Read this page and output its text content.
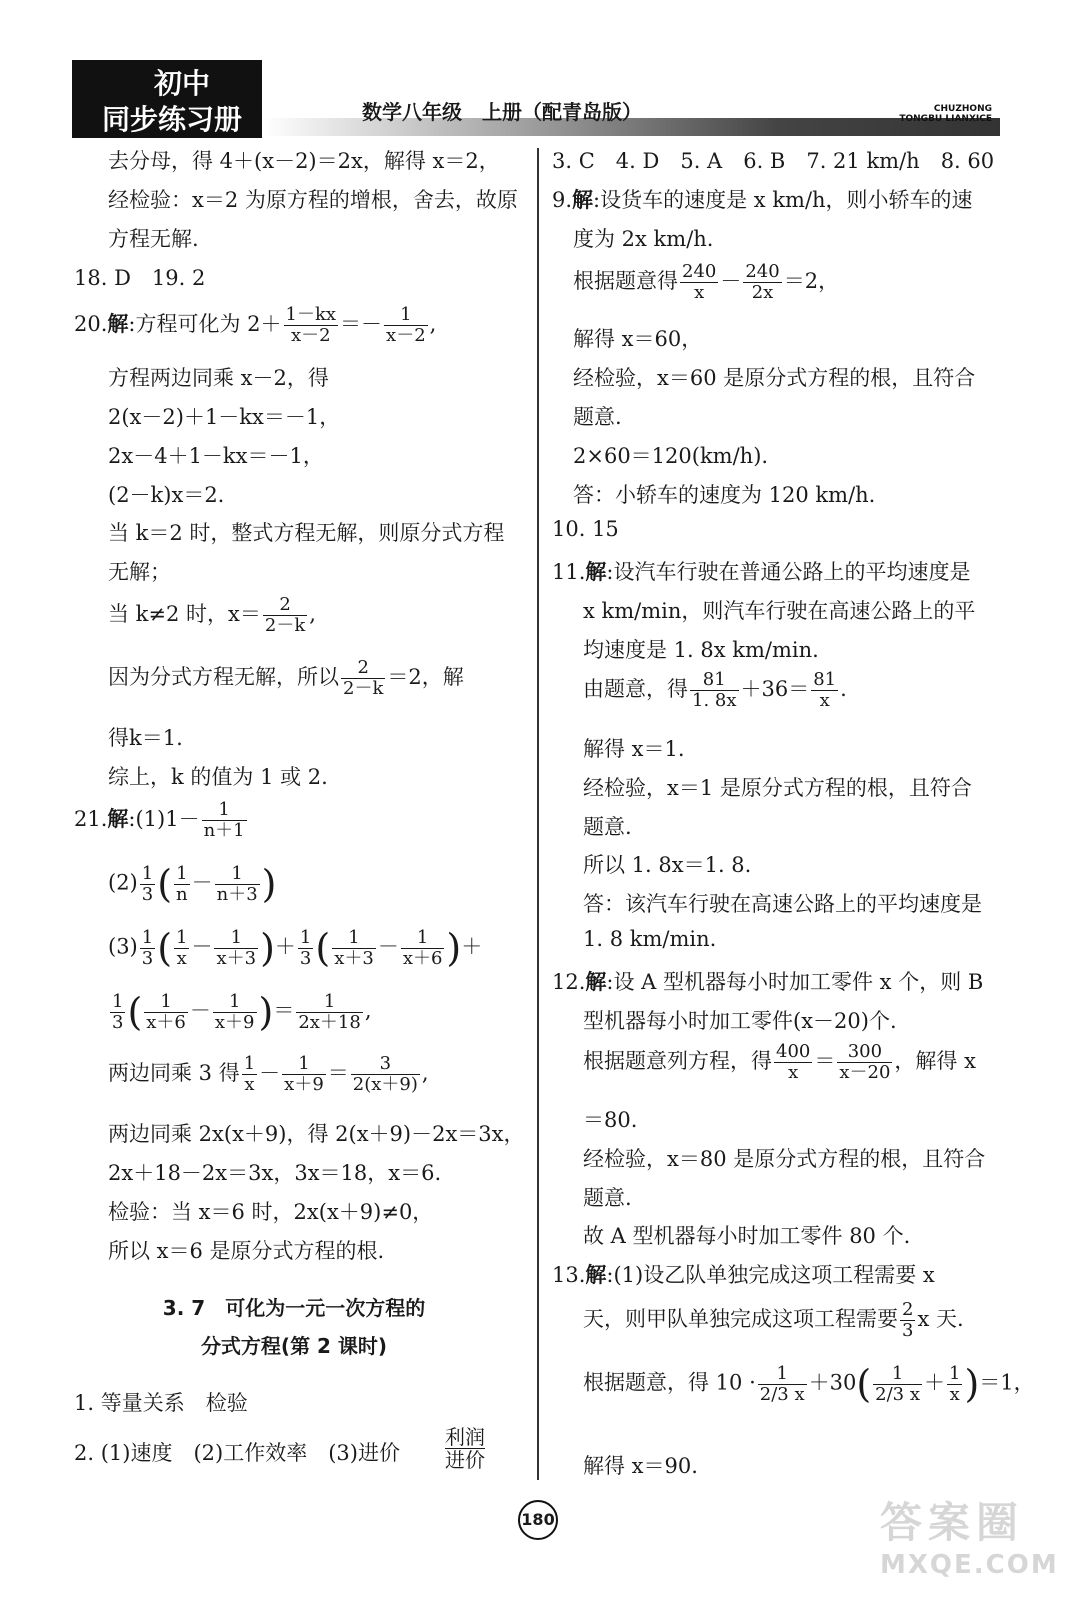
初中
同步练习册	数学八年级　上册（配青岛版）	CHUZHONG
TONGBU LIANXICE
去分母，得 4＋(x－2)＝2x，解得 x＝2，
经检验：x＝2 为原方程的增根，舍去，故原
方程无解.
18. D　19. 2
20.解:方程可化为 $2+ \frac{1-kx}{x-2} =- \frac{1}{x-2}$ ,
方程两边同乘 x－2，得
2(x－2)＋1－kx＝－1，
2x－4＋1－kx＝－1，
(2－k)x＝2.
当 k＝2 时，整式方程无解，则原分式方程
无解；
当 k≠2 时，$x= \frac{2}{2-k}$ ,
因为分式方程无解，所以 $\frac{2}{2-k} =2$，解
得k＝1.
综上，k 的值为 1 或 2.
21.解:(1)1－ $\frac{1}{n+1}$
$(2) \frac{1}{3}$ ( $\frac{1}{n} - \frac{1}{n+3}$ )
$(3) \frac{1}{3}$ ( $\frac{1}{x} - \frac{1}{x+3}$ )＋ $\frac{1}{3}$ ( $\frac{1}{x+3} - \frac{1}{x+6}$ )＋
$\frac{1}{3}$ ( $\frac{1}{x+6} - \frac{1}{x+9}$ )＝ $\frac{1}{2x+18}$ ,
两边同乘 3 得 $\frac{1}{x} - \frac{1}{x+9} = \frac{3}{2(x+9)}$ ,
两边同乘 2x(x＋9)，得 2(x＋9)－2x＝3x，
2x＋18－2x＝3x，3x＝18，x＝6.
检验：当 x＝6 时，2x(x＋9)≠0，
所以 x＝6 是原分式方程的根.
3. 7　可化为一元一次方程的
分式方程(第 2 课时)
1. 等量关系　检验
2. (1)速度　(2)工作效率　(3)进价
利润
进价
3. C　4. D　5. A　6. B　7. 21 km/h　8. 60
9.解:设货车的速度是 x km/h，则小轿车的速
度为 2x km/h.
根据题意得 $\frac{240}{x} - \frac{240}{2x} =2$，
解得 x＝60，
经检验，x＝60 是原分式方程的根，且符合
题意.
2×60＝120(km/h).
答：小轿车的速度为 120 km/h.
10. 15
11.解:设汽车行驶在普通公路上的平均速度是
x km/min，则汽车行驶在高速公路上的平
均速度是 1. 8x km/min.
由题意，得 $\frac{81}{1. 8x} +36= \frac{81}{x}$ .
解得 x＝1.
经检验，x＝1 是原分式方程的根，且符合
题意.
所以 1. 8x＝1. 8.
答：该汽车行驶在高速公路上的平均速度是
1. 8 km/min.
12.解:设 A 型机器每小时加工零件 x 个，则 B
型机器每小时加工零件(x－20)个.
根据题意列方程，得 $\frac{400}{x} = \frac{300}{x-20}$ ，解得 x
＝80.
经检验，x＝80 是原分式方程的根，且符合
题意.
故 A 型机器每小时加工零件 80 个.
13.解:(1)设乙队单独完成这项工程需要 x
天，则甲队单独完成这项工程需要 $\frac{2}{3}$ x 天.
根据题意，得 $10 \cdot \frac{1}{2/3 x} +30( \frac{1}{2/3 x} + \frac{1}{x} )=1$，
解得 x＝90.
180	答案圈
MXQE.COM
